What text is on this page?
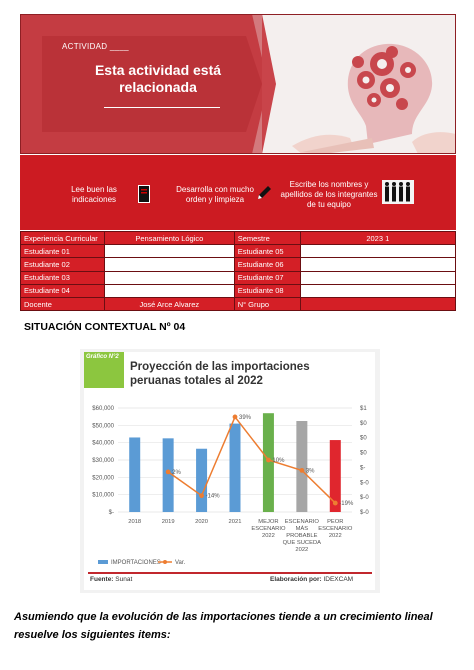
ACTIVIDAD ____
Esta actividad está relacionada
Lee buen las indicaciones
Desarrolla con mucho orden y limpieza
Escribe los nombres y apellidos de los integrantes de tu equipo
Experiencia Curricular	Pensamiento Lógico	Semestre	2023 1
Estudiante 01		Estudiante 05	
Estudiante 02		Estudiante 06	
Estudiante 03		Estudiante 07	
Estudiante 04		Estudiante 08	
Docente	José Arce Alvarez	N° Grupo	
SITUACIÓN CONTEXTUAL Nº 04
Gráfico N°2
Proyección de las importaciones peruanas totales al 2022
$60,000
$50,000
$40,000
$30,000
$20,000
$10,000
$-
$1
$0
$0
$0
$-
$-0
$-0
$-0
2018	2019	2020	2021	MEJOR ESCENARIO 2022
ESCENARIO MÁS PROBABLE QUE SUCEDA 2022
PEOR ESCENARIO 2022
2%
-14%
39%
10%
3%
-19%
IMPORTACIONES Var.
Fuente: Sunat	Elaboración por: IDEXCAM
Asumiendo que la evolución de las importaciones tiende a un crecimiento lineal resuelve los siguientes items:
